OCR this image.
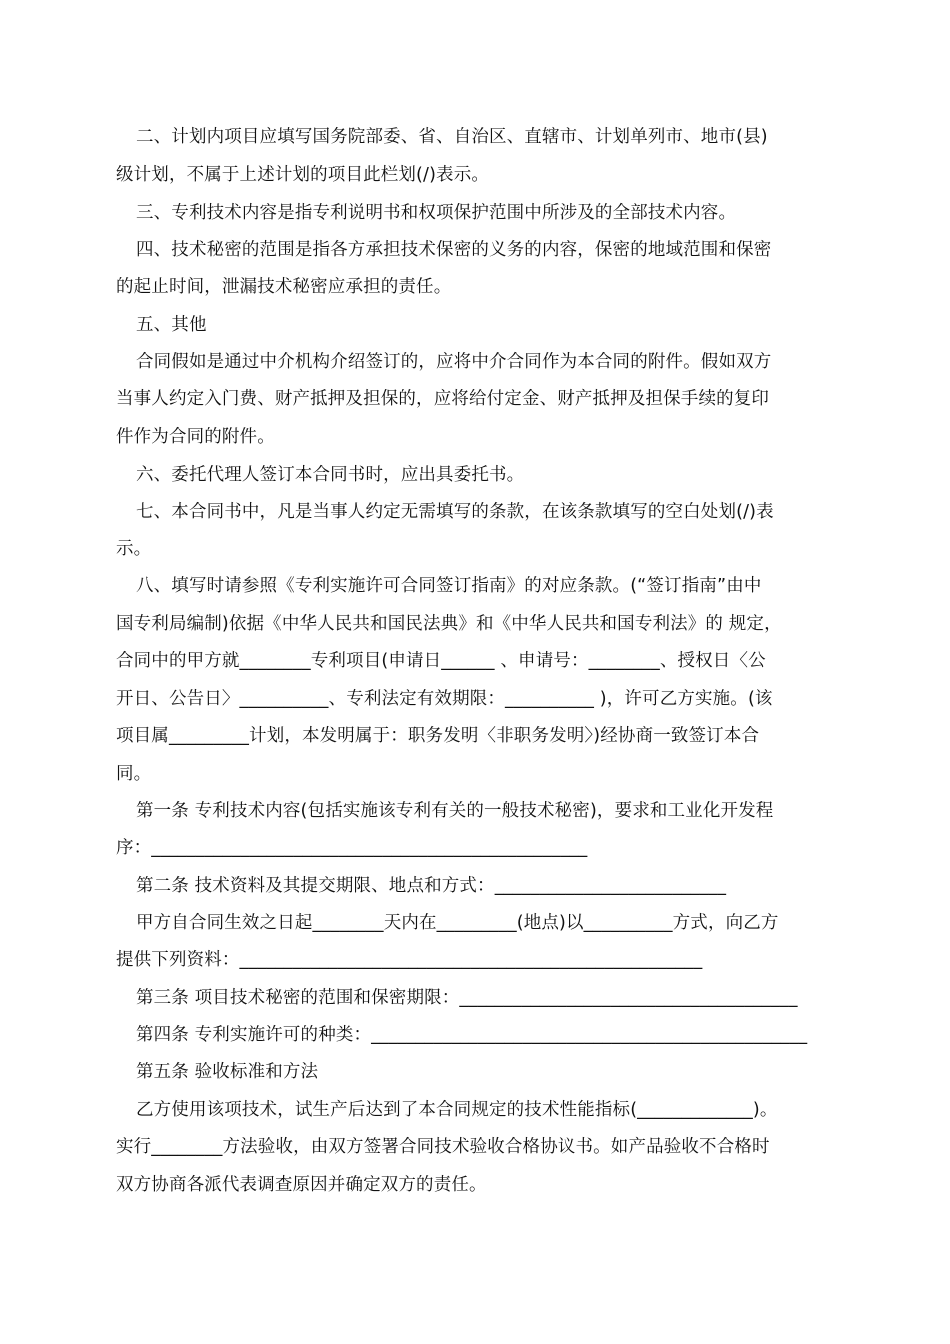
二、计划内项目应填写国务院部委、省、自治区、直辖市、计划单列市、地市(县)
级计划，不属于上述计划的项目此栏划(/)表示。
三、专利技术内容是指专利说明书和权项保护范围中所涉及的全部技术内容。
四、技术秘密的范围是指各方承担技术保密的义务的内容，保密的地域范围和保密
的起止时间，泄漏技术秘密应承担的责任。
五、其他
合同假如是通过中介机构介绍签订的，应将中介合同作为本合同的附件。假如双方
当事人约定入门费、财产抵押及担保的，应将给付定金、财产抵押及担保手续的复印
件作为合同的附件。
六、委托代理人签订本合同书时，应出具委托书。
七、本合同书中，凡是当事人约定无需填写的条款，在该条款填写的空白处划(/)表
示。
八、填写时请参照《专利实施许可合同签订指南》的对应条款。(“签订指南”由中
国专利局编制)依据《中华人民共和国民法典》和《中华人民共和国专利法》的 规定，
合同中的甲方就________专利项目(申请日______ 、申请号：________、授权日〈公
开日、公告日〉__________、专利法定有效期限：__________ )，许可乙方实施。(该
项目属_________计划，本发明属于：职务发明〈非职务发明〉)经协商一致签订本合
同。
第一条 专利技术内容(包括实施该专利有关的一般技术秘密)，要求和工业化开发程
序：_________________________________________________
第二条 技术资料及其提交期限、地点和方式：__________________________
甲方自合同生效之日起________天内在_________(地点)以__________方式，向乙方
提供下列资料：____________________________________________________
第三条 项目技术秘密的范围和保密期限：______________________________________
第四条 专利实施许可的种类：_________________________________________________
第五条 验收标准和方法
乙方使用该项技术，试生产后达到了本合同规定的技术性能指标(_____________)。
实行________方法验收，由双方签署合同技术验收合格协议书。如产品验收不合格时
双方协商各派代表调查原因并确定双方的责任。
